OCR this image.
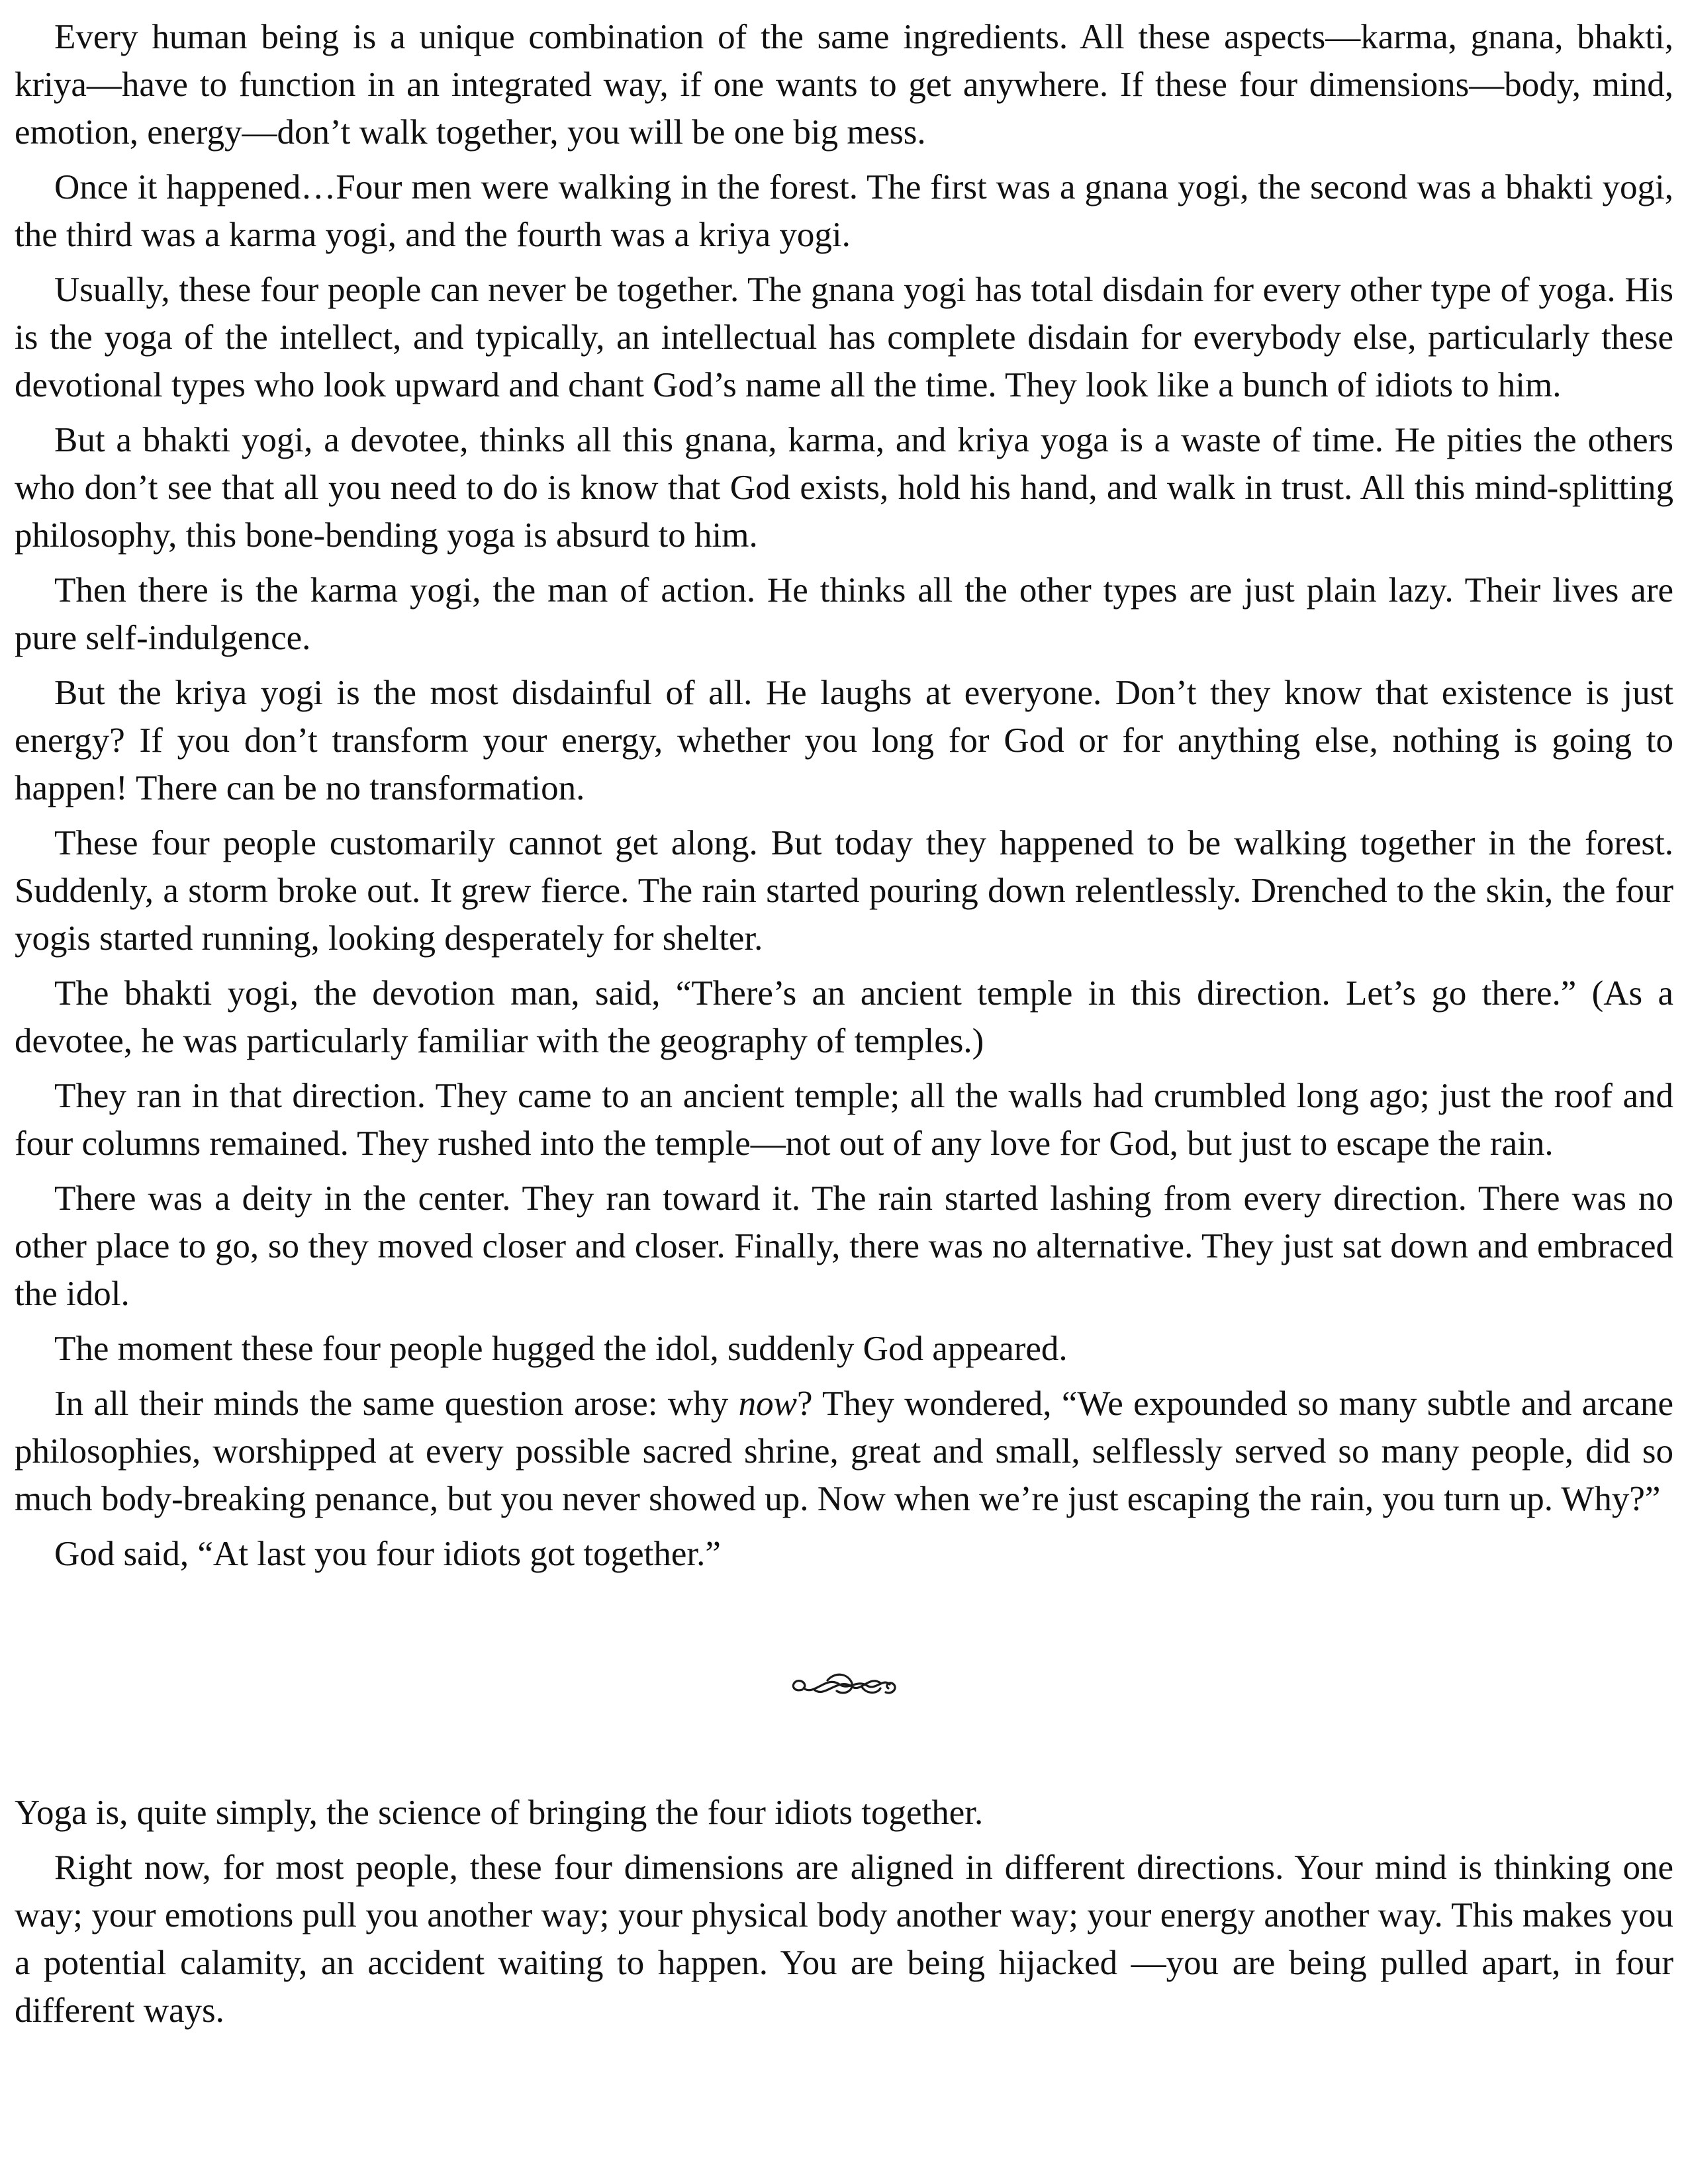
Every human being is a unique combination of the same ingredients. All these aspects—karma, gnana, bhakti, kriya—have to function in an integrated way, if one wants to get anywhere. If these four dimensions—body, mind, emotion, energy—don’t walk together, you will be one big mess.

Once it happened…Four men were walking in the forest. The first was a gnana yogi, the second was a bhakti yogi, the third was a karma yogi, and the fourth was a kriya yogi.

Usually, these four people can never be together. The gnana yogi has total disdain for every other type of yoga. His is the yoga of the intellect, and typically, an intellectual has complete disdain for everybody else, particularly these devotional types who look upward and chant God’s name all the time. They look like a bunch of idiots to him.

But a bhakti yogi, a devotee, thinks all this gnana, karma, and kriya yoga is a waste of time. He pities the others who don’t see that all you need to do is know that God exists, hold his hand, and walk in trust. All this mind-splitting philosophy, this bone-bending yoga is absurd to him.

Then there is the karma yogi, the man of action. He thinks all the other types are just plain lazy. Their lives are pure self-indulgence.

But the kriya yogi is the most disdainful of all. He laughs at everyone. Don’t they know that existence is just energy? If you don’t transform your energy, whether you long for God or for anything else, nothing is going to happen! There can be no transformation.

These four people customarily cannot get along. But today they happened to be walking together in the forest. Suddenly, a storm broke out. It grew fierce. The rain started pouring down relentlessly. Drenched to the skin, the four yogis started running, looking desperately for shelter.

The bhakti yogi, the devotion man, said, “There’s an ancient temple in this direction. Let’s go there.” (As a devotee, he was particularly familiar with the geography of temples.)

They ran in that direction. They came to an ancient temple; all the walls had crumbled long ago; just the roof and four columns remained. They rushed into the temple—not out of any love for God, but just to escape the rain.

There was a deity in the center. They ran toward it. The rain started lashing from every direction. There was no other place to go, so they moved closer and closer. Finally, there was no alternative. They just sat down and embraced the idol.

The moment these four people hugged the idol, suddenly God appeared.

In all their minds the same question arose: why now? They wondered, “We expounded so many subtle and arcane philosophies, worshipped at every possible sacred shrine, great and small, selflessly served so many people, did so much body-breaking penance, but you never showed up. Now when we’re just escaping the rain, you turn up. Why?”

God said, “At last you four idiots got together.”

Yoga is, quite simply, the science of bringing the four idiots together.

Right now, for most people, these four dimensions are aligned in different directions. Your mind is thinking one way; your emotions pull you another way; your physical body another way; your energy another way. This makes you a potential calamity, an accident waiting to happen. You are being hijacked —you are being pulled apart, in four different ways.
